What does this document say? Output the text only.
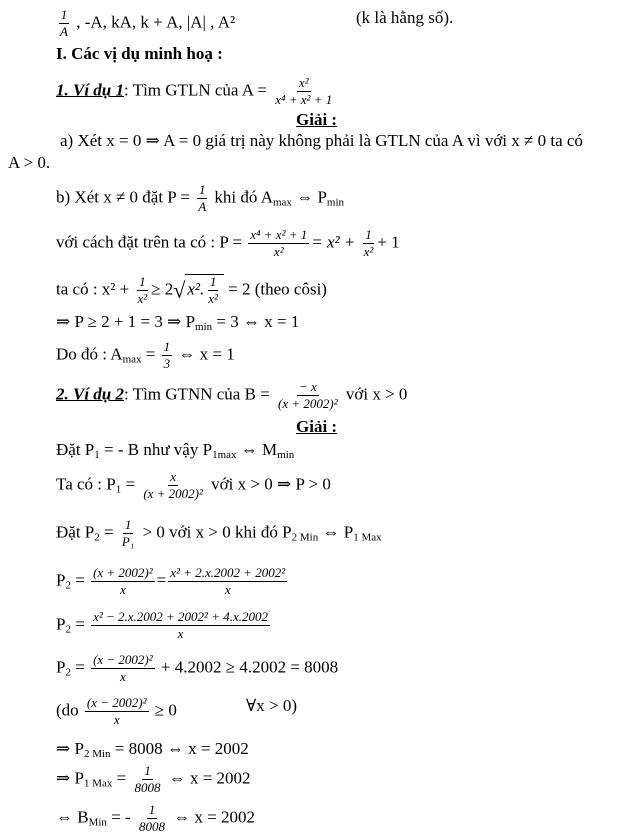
$\frac{1}{A}$ , -A, kA, k + A, |A| , A²	(k là hằng số).
I. Các vị dụ minh hoạ :
1. Ví dụ 1: Tìm GTLN của $A = \frac{\text{x²}}{\text{x⁴ + x² + 1}}$
Giải :
a) Xét x = 0 ⇒ A = 0 giá trị này không phải là GTLN của A vì với x ≠ 0 ta có
A > 0.
b) Xét x ≠ 0 đặt $P = \frac{1}{A}$ khi đó $A_{max}$ ⇔ $P_{min}$
với cách đặt trên ta có : $P = \frac{\text{x⁴ + x² + 1}}{\text{x²}} = x^2 + \frac{1}{\text{x²}} + 1$
ta có : $x^2 + \frac{1}{\text{x²}} \ge 2√$ x². $\frac{1}{\text{x²}} = 2$ (theo côsi)
⇒ P ≥ 2 + 1 = 3 ⇒ $P_{min} = 3$ ⇔ x = 1
Do đó : $A_{max} = \frac{1}{3}$ ⇔ x = 1
2. Ví dụ 2: Tìm GTNN của $B = \frac{- x}{\text{(x + 2002)²}}$ với x > 0
Giải :
Đặt $P_1$ = - B như vậy $P_{1max}$ ⇔ $M_{min}$
Ta có : $P_1 = \frac{x}{\text{(x + 2002)²}}$ với x > 0 ⇒ P > 0
Đặt $P_2 = \frac{1}{\text{P₁}} > 0$ với x > 0 khi đó $P_{2 Min}$ ⇔ $P_{1 Max}$
$P_2 = \frac{\text{(x + 2002)²}}{x} = \frac{\text{x² + 2.x.2002 + 2002²}}{x}$
$P_2 = \frac{\text{x² − 2.x.2002 + 2002² + 4.x.2002}}{x}$
$P_2 = \frac{\text{(x − 2002)²}}{x} + 4.2002 \ge 4.2002 = 8008$
($do \frac{\text{(x − 2002)²}}{x} \ge 0$	∀x > 0)
⇒ $P_{2 Min} = 8008$ ⇔ x = 2002
⇒ $P_{1 Max} = \frac{1}{8008}$ ⇔ x = 2002
⇔ $B_{Min}$ = - $\frac{1}{8008}$ ⇔ x = 2002
